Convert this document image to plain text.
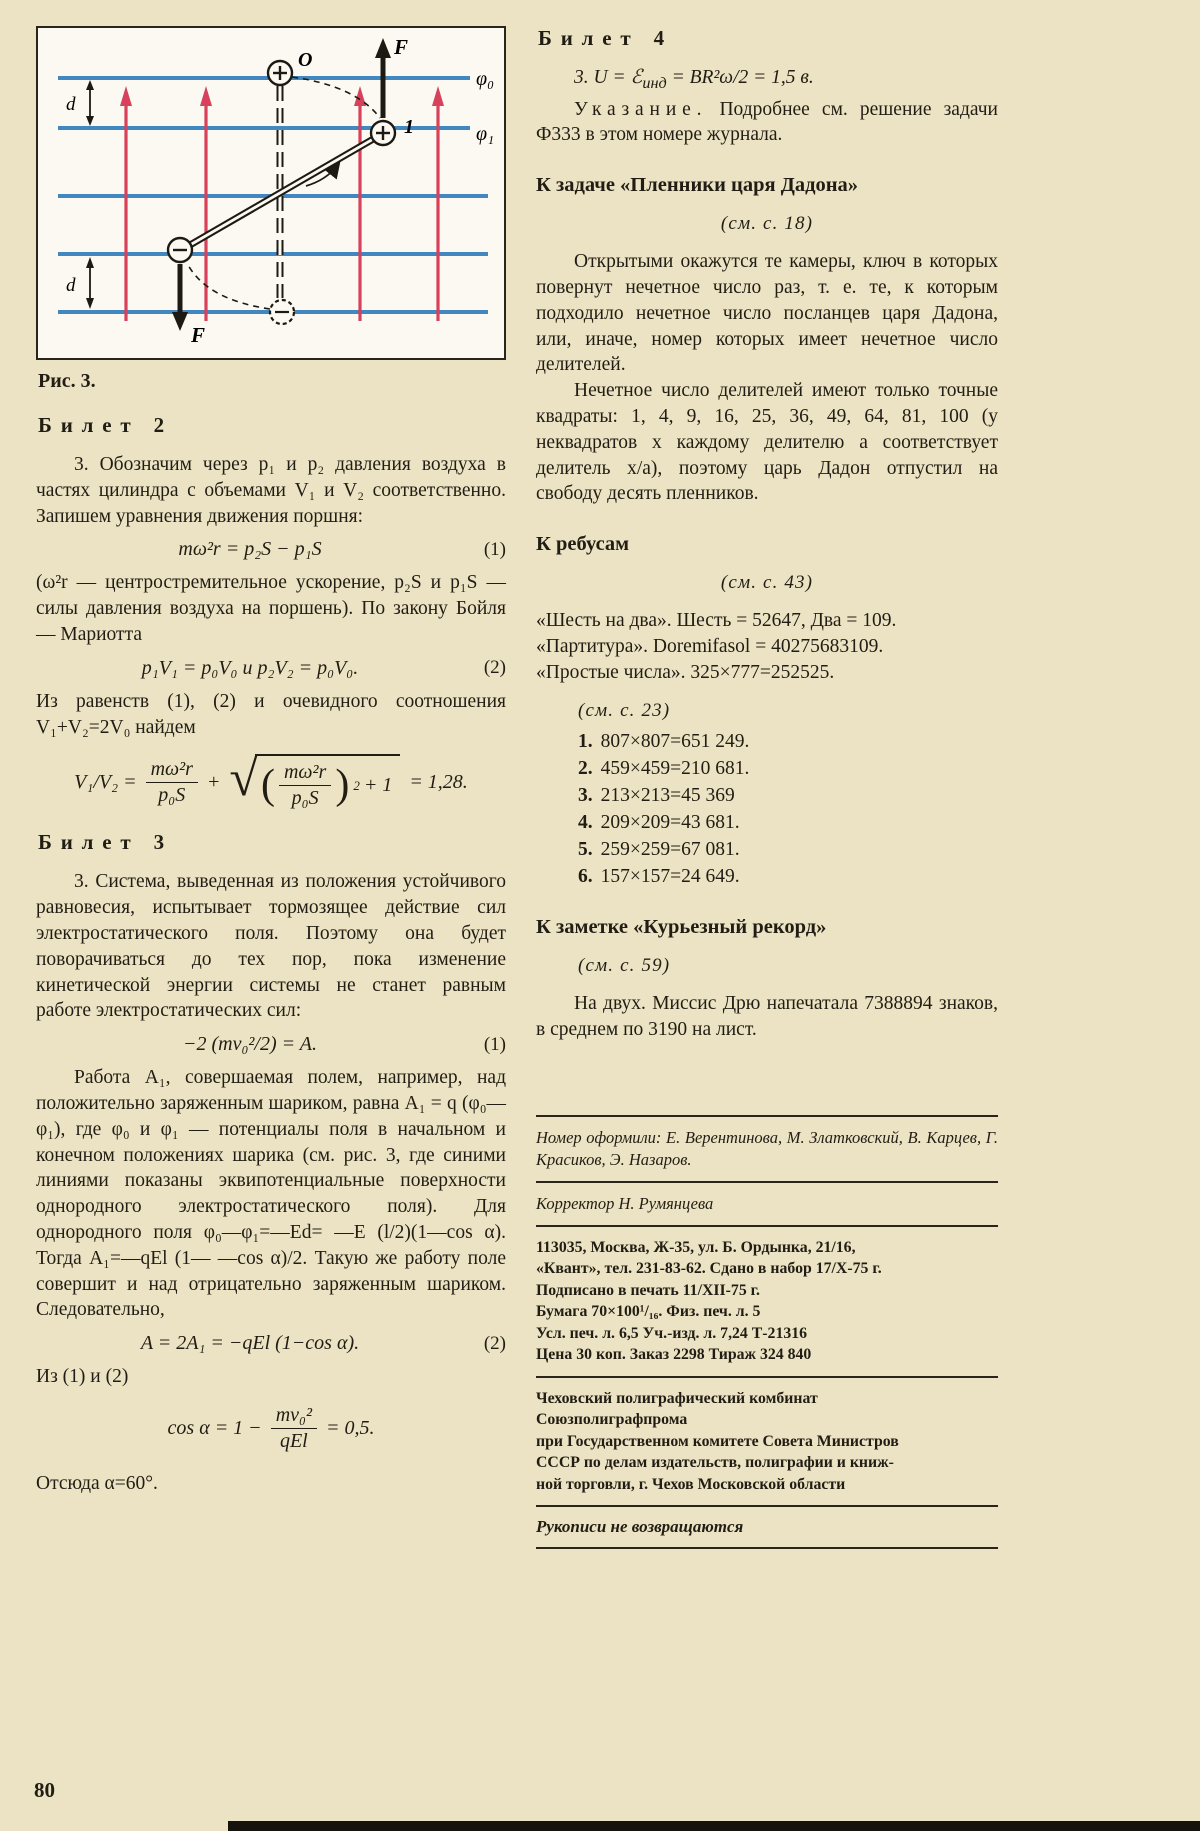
d
d
O
1
F
F
φ₀
φ₁
Рис. 3.
Билет 2

3. Обозначим через p₁ и p₂ давления воздуха в частях цилиндра с объемами V₁ и V₂ соответственно. Запишем уравнения движения поршня:

mω²r = p₂S − p₁S	(1)

(ω²r — центростремительное ускорение, p₂S и p₁S — силы давления воздуха на поршень). По закону Бойля — Мариотта

p₁V₁ = p₀V₀ и p₂V₂ = p₀V₀.	(2)

Из равенств (1), (2) и очевидного соотношения V₁+V₂=2V₀ найдем

$V_1/V_2 = \frac{\text{mω²r}}{\text{p₀S}}$ + √ ( $\frac{\text{mω²r}}{\text{p₀S}}$ ) 2 + 1 = 1,28.
Билет 3

3. Система, выведенная из положения устойчивого равновесия, испытывает тормозящее действие сил электростатического поля. Поэтому она будет поворачиваться до тех пор, пока изменение кинетической энергии системы не станет равным работе электростатических сил:

−2 (mv₀²/2) = A.	(1)

Работа A₁, совершаемая полем, например, над положительно заряженным шариком, равна A₁ = q (φ₀—φ₁), где φ₀ и φ₁ — потенциалы поля в начальном и конечном положениях шарика (см. рис. 3, где синими линиями показаны эквипотенциальные поверхности однородного электростатического поля). Для однородного поля φ₀—φ₁=—Ed= —E (l/2)(1—cos α). Тогда A₁=—qEl (1— —cos α)/2. Такую же работу поле совершит и над отрицательно заряженным шариком. Следовательно,

A = 2A₁ = −qEl (1−cos α).	(2)

Из (1) и (2)

$\cos \alpha = 1 - \frac{\text{mv₀²}}{\text{qEl}} = 0,5$.

Отсюда α=60°.

Билет 4

3. U = ℰ$_{инд}$ = BR²ω/2 = 1,5 в.

Указание. Подробнее см. решение задачи Ф333 в этом номере журнала.

К задаче «Пленники царя Дадона»

(см. с. 18)

Открытыми окажутся те камеры, ключ в которых повернут нечетное число раз, т. е. те, к которым подходило нечетное число посланцев царя Дадона, или, иначе, номер которых имеет нечетное число делителей.

Нечетное число делителей имеют только точные квадраты: 1, 4, 9, 16, 25, 36, 49, 64, 81, 100 (у неквадратов x каждому делителю a соответствует делитель x/a), поэтому царь Дадон отпустил на свободу десять пленников.

К ребусам

(см. с. 43)

«Шесть на два». Шесть = 52647, Два = 109.

«Партитура». Doremifasol = 40275683109.

«Простые числа». 325×777=252525.

(см. с. 23)

1. 807×807=651 249.
2. 459×459=210 681.
3. 213×213=45 369
4. 209×209=43 681.
5. 259×259=67 081.
6. 157×157=24 649.
К заметке «Курьезный рекорд»

(см. с. 59)

На двух. Миссис Дрю напечатала 7388894 знаков, в среднем по 3190 на лист.

Номер оформили: Е. Верентинова, М. Златковский, В. Карцев, Г. Красиков, Э. Назаров.

Корректор Н. Румянцева

113035, Москва, Ж-35, ул. Б. Ордынка, 21/16,
«Квант», тел. 231-83-62. Сдано в набор 17/X-75 г.
Подписано в печать 11/XII-75 г.
Бумага 70×100¹/₁₆. Физ. печ. л. 5
Усл. печ. л. 6,5 Уч.-изд. л. 7,24 Т-21316
Цена 30 коп. Заказ 2298 Тираж 324 840
Чеховский полиграфический комбинат
Союзполиграфпрома
при Государственном комитете Совета Министров
СССР по делам издательств, полиграфии и книж-
ной торговли, г. Чехов Московской области

Рукописи не возвращаются

80
